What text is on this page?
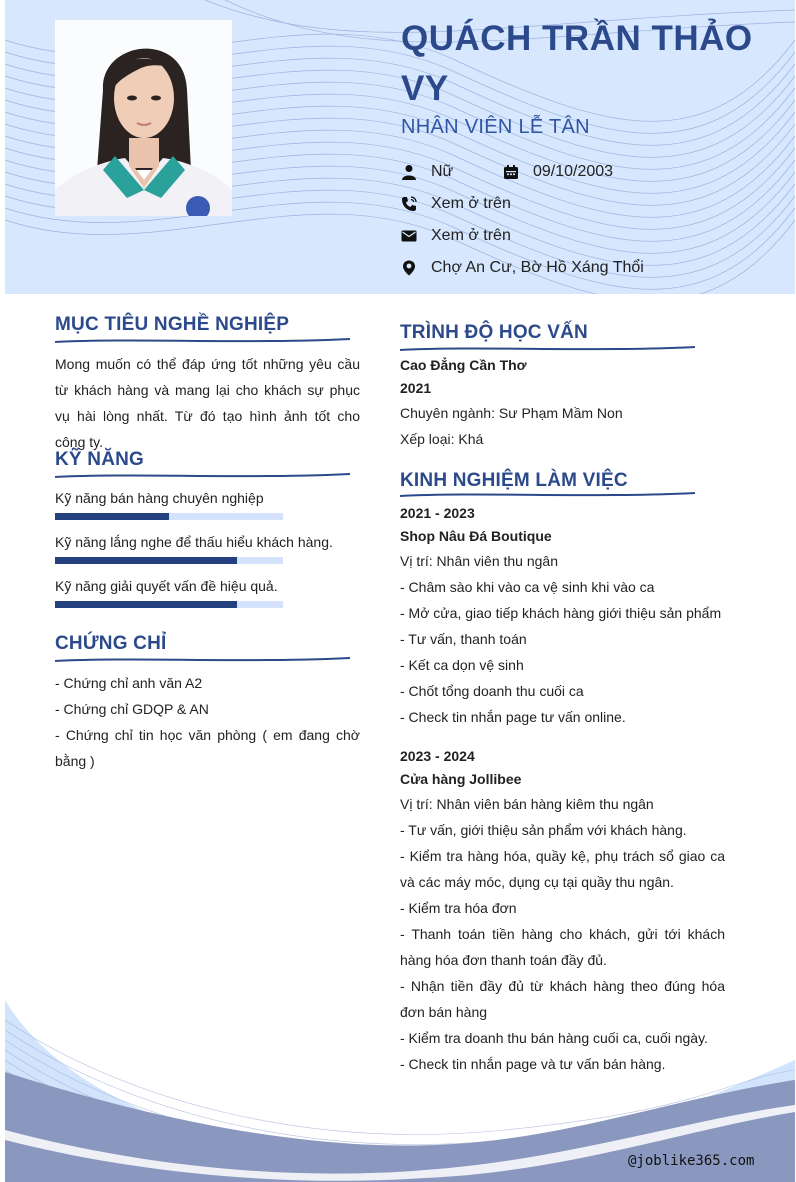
QUÁCH TRẦN THẢO VY
NHÂN VIÊN LỄ TÂN
Nữ	09/10/2003
Xem ở trên
Xem ở trên
Chợ An Cư, Bờ Hồ Xáng Thổi
MỤC TIÊU NGHỀ NGHIỆP
Mong muốn có thể đáp ứng tốt những yêu cầu từ khách hàng và mang lại cho khách sự phục vụ hài lòng nhất. Từ đó tạo hình ảnh tốt cho công ty.
KỸ NĂNG
Kỹ năng bán hàng chuyên nghiệp
Kỹ năng lắng nghe để thấu hiểu khách hàng.
Kỹ năng giải quyết vấn đề hiệu quả.
CHỨNG CHỈ
- Chứng chỉ anh văn A2
- Chứng chỉ GDQP & AN
- Chứng chỉ tin học văn phòng ( em đang chờ bằng )
TRÌNH ĐỘ HỌC VẤN
Cao Đẳng Cần Thơ
2021
Chuyên ngành: Sư Phạm Mầm Non
Xếp loại: Khá
KINH NGHIỆM LÀM VIỆC
2021 - 2023
Shop Nâu Đá Boutique
Vị trí: Nhân viên thu ngân
- Châm sào khi vào ca vệ sinh khi vào ca
- Mở cửa, giao tiếp khách hàng giới thiệu sản phẩm
- Tư vấn, thanh toán
- Kết ca dọn vệ sinh
- Chốt tổng doanh thu cuối ca
- Check tin nhắn page tư vấn online.
2023 - 2024
Cửa hàng Jollibee
Vị trí: Nhân viên bán hàng kiêm thu ngân
- Tư vấn, giới thiệu sản phẩm với khách hàng.
- Kiểm tra hàng hóa, quầy kệ, phụ trách sổ giao ca và các máy móc, dụng cụ tại quầy thu ngân.
- Kiểm tra hóa đơn
- Thanh toán tiền hàng cho khách, gửi tới khách hàng hóa đơn thanh toán đầy đủ.
- Nhận tiền đầy đủ từ khách hàng theo đúng hóa đơn bán hàng
- Kiểm tra doanh thu bán hàng cuối ca, cuối ngày.
- Check tin nhắn page và tư vấn bán hàng.
@joblike365.com
